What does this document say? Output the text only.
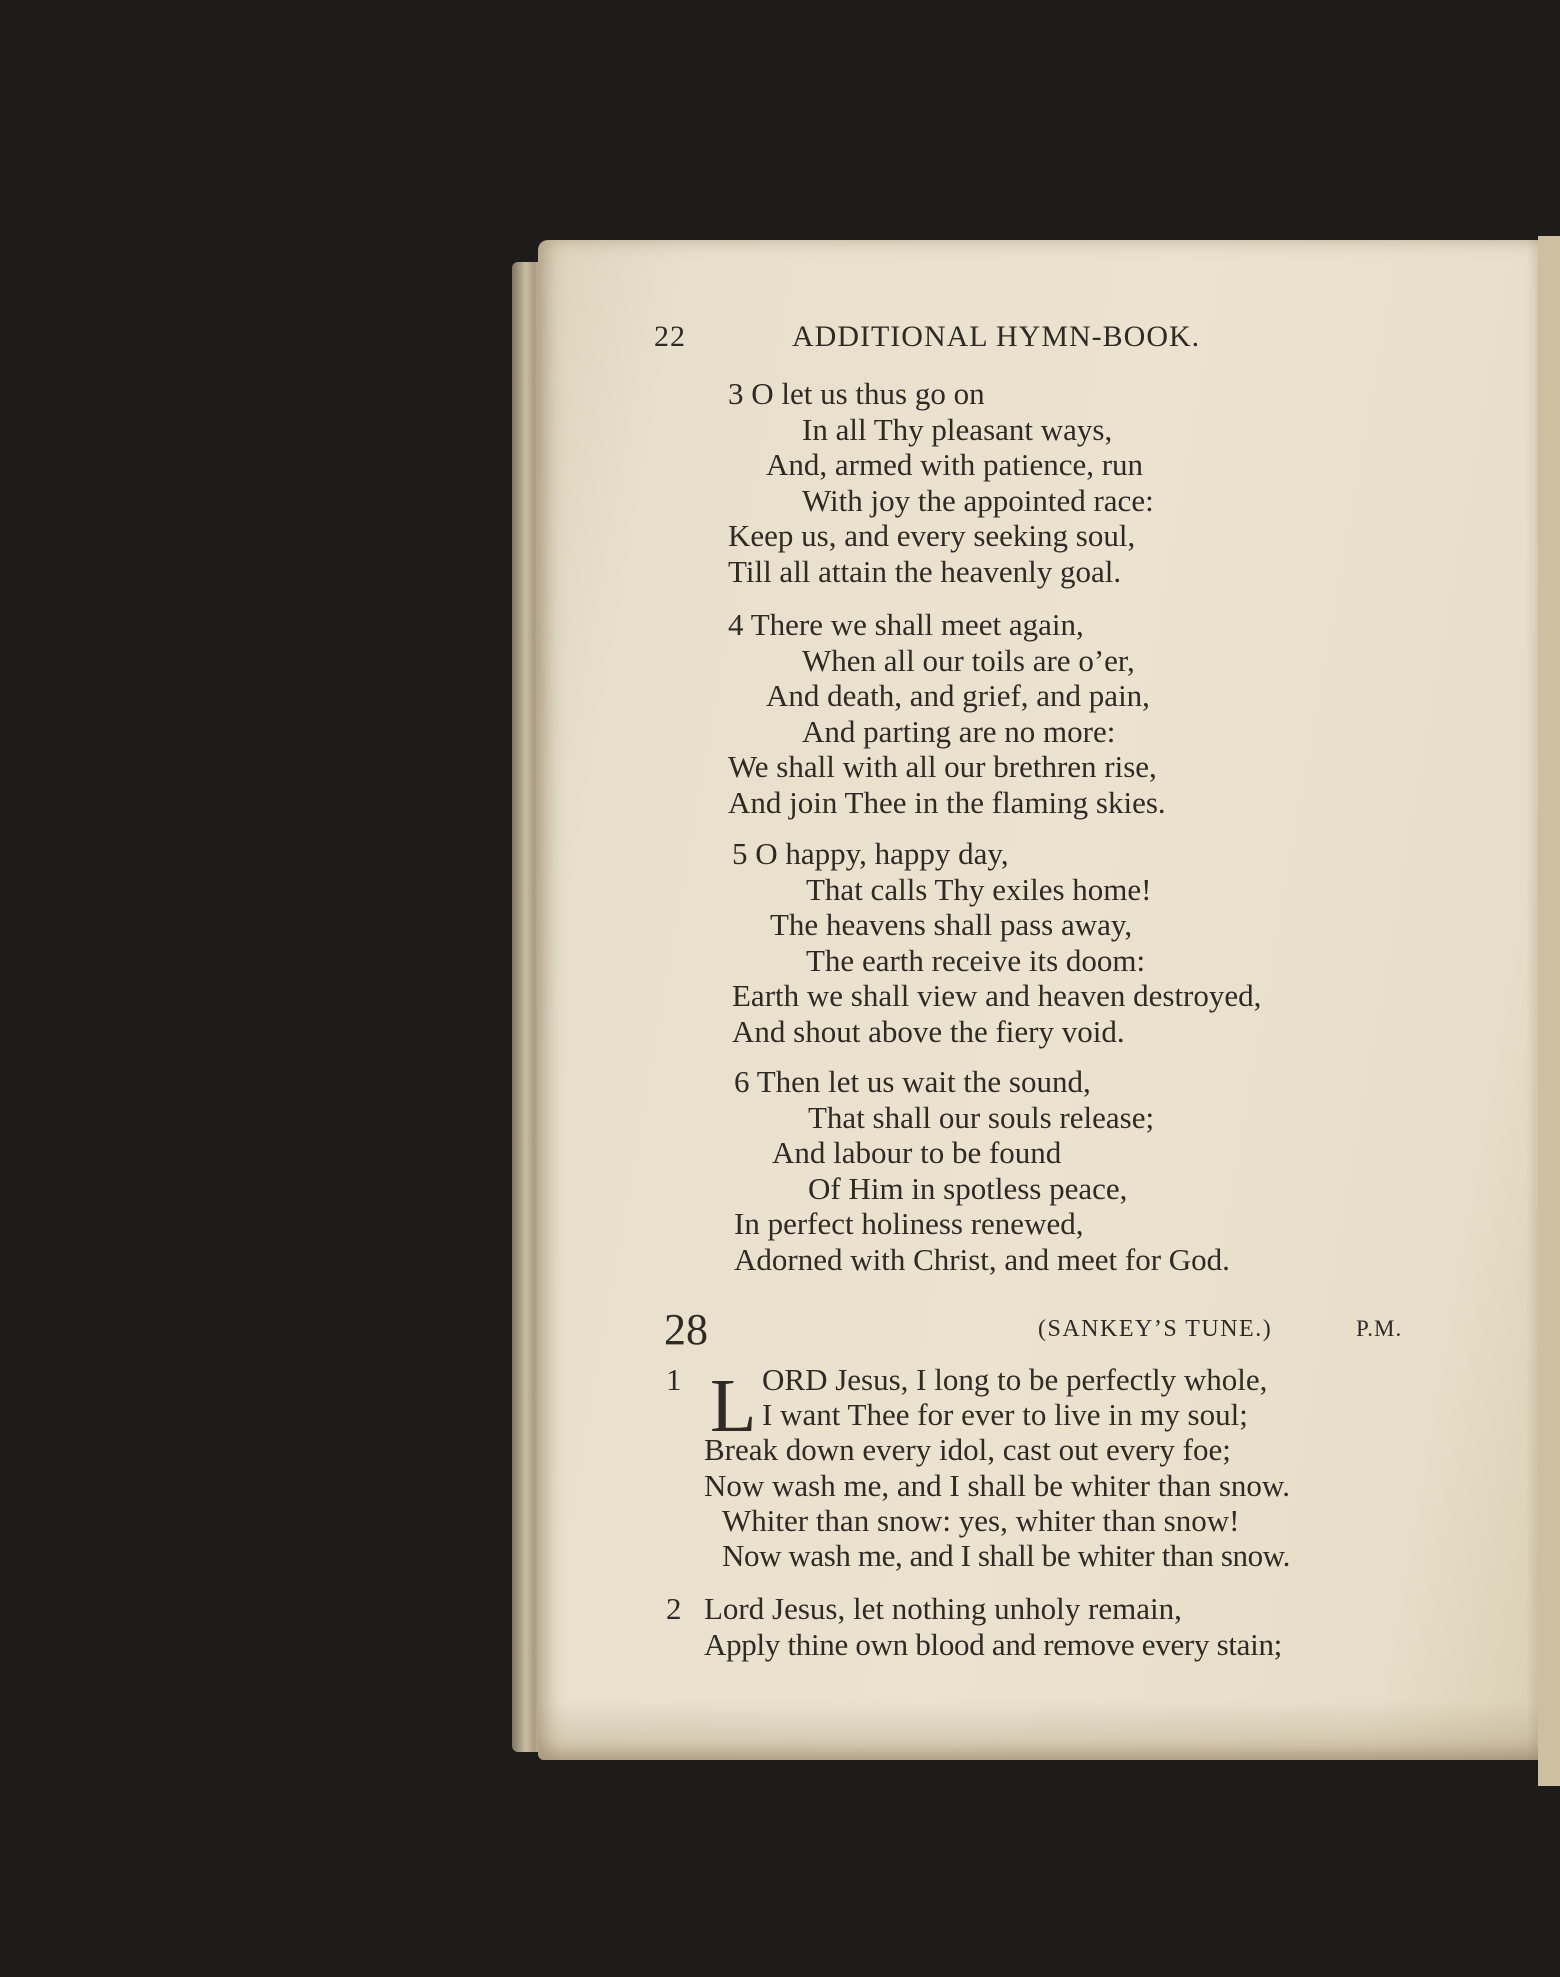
22	ADDITIONAL HYMN-BOOK.
3 O let us thus go on
In all Thy pleasant ways,
And, armed with patience, run
With joy the appointed race:
Keep us, and every seeking soul,
Till all attain the heavenly goal.
4 There we shall meet again,
When all our toils are o’er,
And death, and grief, and pain,
And parting are no more:
We shall with all our brethren rise,
And join Thee in the flaming skies.
5 O happy, happy day,
That calls Thy exiles home!
The heavens shall pass away,
The earth receive its doom:
Earth we shall view and heaven destroyed,
And shout above the fiery void.
6 Then let us wait the sound,
That shall our souls release;
And labour to be found
Of Him in spotless peace,
In perfect holiness renewed,
Adorned with Christ, and meet for God.
28	(SANKEY’S TUNE.)	P.M.
1 L ORD Jesus, I long to be perfectly whole,
I want Thee for ever to live in my soul;
Break down every idol, cast out every foe;
Now wash me, and I shall be whiter than snow.
Whiter than snow: yes, whiter than snow!
Now wash me, and I shall be whiter than snow.
2 Lord Jesus, let nothing unholy remain,
Apply thine own blood and remove every stain;
